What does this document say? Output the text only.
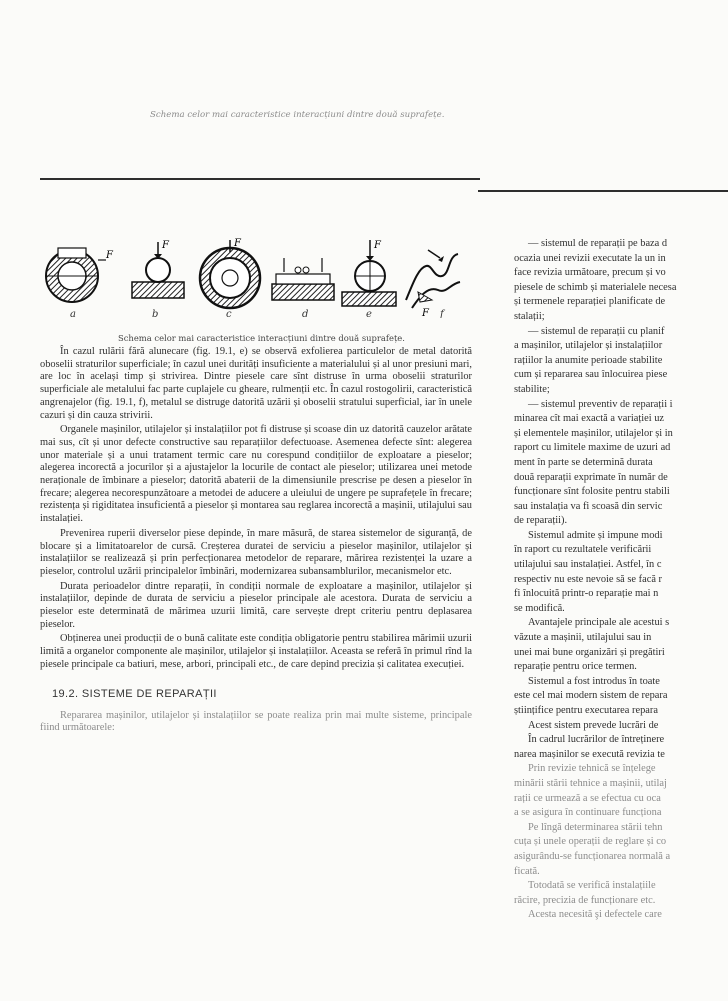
Schema celor mai caracteristice interacțiuni dintre două suprafețe.
F
F	F	F
F
a	b	c	d	e	f
Schema celor mai caracteristice interacțiuni dintre două suprafețe.

În cazul rulării fără alunecare (fig. 19.1, e) se observă exfolierea particulelor de metal datorită oboselii straturilor superficiale; în cazul unei durități insuficiente a materialului și al unor presiuni mari, are loc în același timp și strivirea. Dintre piesele care sînt distruse în urma oboselii straturilor superficiale ale metalului fac parte cuplajele cu gheare, rulmenții etc. În cazul rostogolirii, caracteristică angrenajelor (fig. 19.1, f), metalul se distruge datorită uzării și oboselii stratului superficial, iar în unele cazuri și din cauza strivirii.

Organele mașinilor, utilajelor și instalațiilor pot fi distruse și scoase din uz datorită cauzelor arătate mai sus, cît și unor defecte constructive sau reparațiilor defectuoase. Asemenea defecte sînt: alegerea unor materiale și a unui tratament termic care nu corespund condițiilor de exploatare a pieselor; alegerea incorectă a jocurilor și a ajustajelor la locurile de contact ale pieselor; utilizarea unei metode neraționale de îmbinare a pieselor; datorită abaterii de la dimensiunile prescrise pe desen a pieselor în frecare; alegerea necorespunzătoare a metodei de aducere a uleiului de ungere pe suprafețele în frecare; rezistența și rigiditatea insuficientă a pieselor și montarea sau reglarea incorectă a mașinii, utilajului sau instalației.

Prevenirea ruperii diverselor piese depinde, în mare măsură, de starea sistemelor de siguranță, de blocare și a limitatoarelor de cursă. Creșterea duratei de serviciu a pieselor mașinilor, utilajelor și instalațiilor se realizează și prin perfecționarea metodelor de reparare, mărirea rezistenței la uzare a pieselor, controlul uzării principalelor îmbinări, modernizarea subansamblurilor, mecanismelor etc.

Durata perioadelor dintre reparații, în condiții normale de exploatare a mașinilor, utilajelor și instalațiilor, depinde de durata de serviciu a pieselor principale ale acestora. Durata de serviciu a pieselor este determinată de mărimea uzurii limită, care servește drept criteriu pentru deplasarea pieselor.

Obținerea unei producții de o bună calitate este condiția obligatorie pentru stabilirea mărimii uzurii limită a organelor componente ale mașinilor, utilajelor și instalațiilor. Aceasta se referă în primul rînd la piesele principale ca batiuri, mese, arbori, principali etc., de care depind precizia și calitatea execuției.

19.2. SISTEME DE REPARAȚII

Repararea mașinilor, utilajelor și instalațiilor se poate realiza prin mai multe sisteme, principale fiind următoarele:

— sistemul de reparații pe baza d

ocazia unei revizii executate la un in

face revizia următoare, precum și vo

piesele de schimb și materialele necesa

și termenele reparației planificate de

stalații;

— sistemul de reparații cu planif

a mașinilor, utilajelor și instalațiilor

rațiilor la anumite perioade stabilite

cum și repararea sau înlocuirea piese

stabilite;

— sistemul preventiv de reparații i

minarea cît mai exactă a variației uz

și elementele mașinilor, utilajelor și in

raport cu limitele maxime de uzuri ad

ment în parte se determină durata

două reparații exprimate în număr de

funcționare sînt folosite pentru stabili

sau instalația va fi scoasă din servic

de reparații).

Sistemul admite și impune modi

în raport cu rezultatele verificării

utilajului sau instalației. Astfel, în c

respectiv nu este nevoie să se facă r

fi înlocuită printr-o reparație mai n

se modifică.

Avantajele principale ale acestui s

văzute a mașinii, utilajului sau in

unei mai bune organizări și pregătiri

reparație pentru orice termen.

Sistemul a fost introdus în toate

este cel mai modern sistem de repara

științifice pentru executarea repara

Acest sistem prevede lucrări de

În cadrul lucrărilor de întreținere

narea mașinilor se execută revizia te

Prin revizie tehnică se înțelege

minării stării tehnice a mașinii, utilaj

rații ce urmează a se efectua cu oca

a se asigura în continuare funcționa

Pe lîngă determinarea stării tehn

cuța și unele operații de reglare și co

asigurându-se funcționarea normală a

ficată.

Totodată se verifică instalațiile

răcire, precizia de funcționare etc.

Acesta necesită şi defectele care
